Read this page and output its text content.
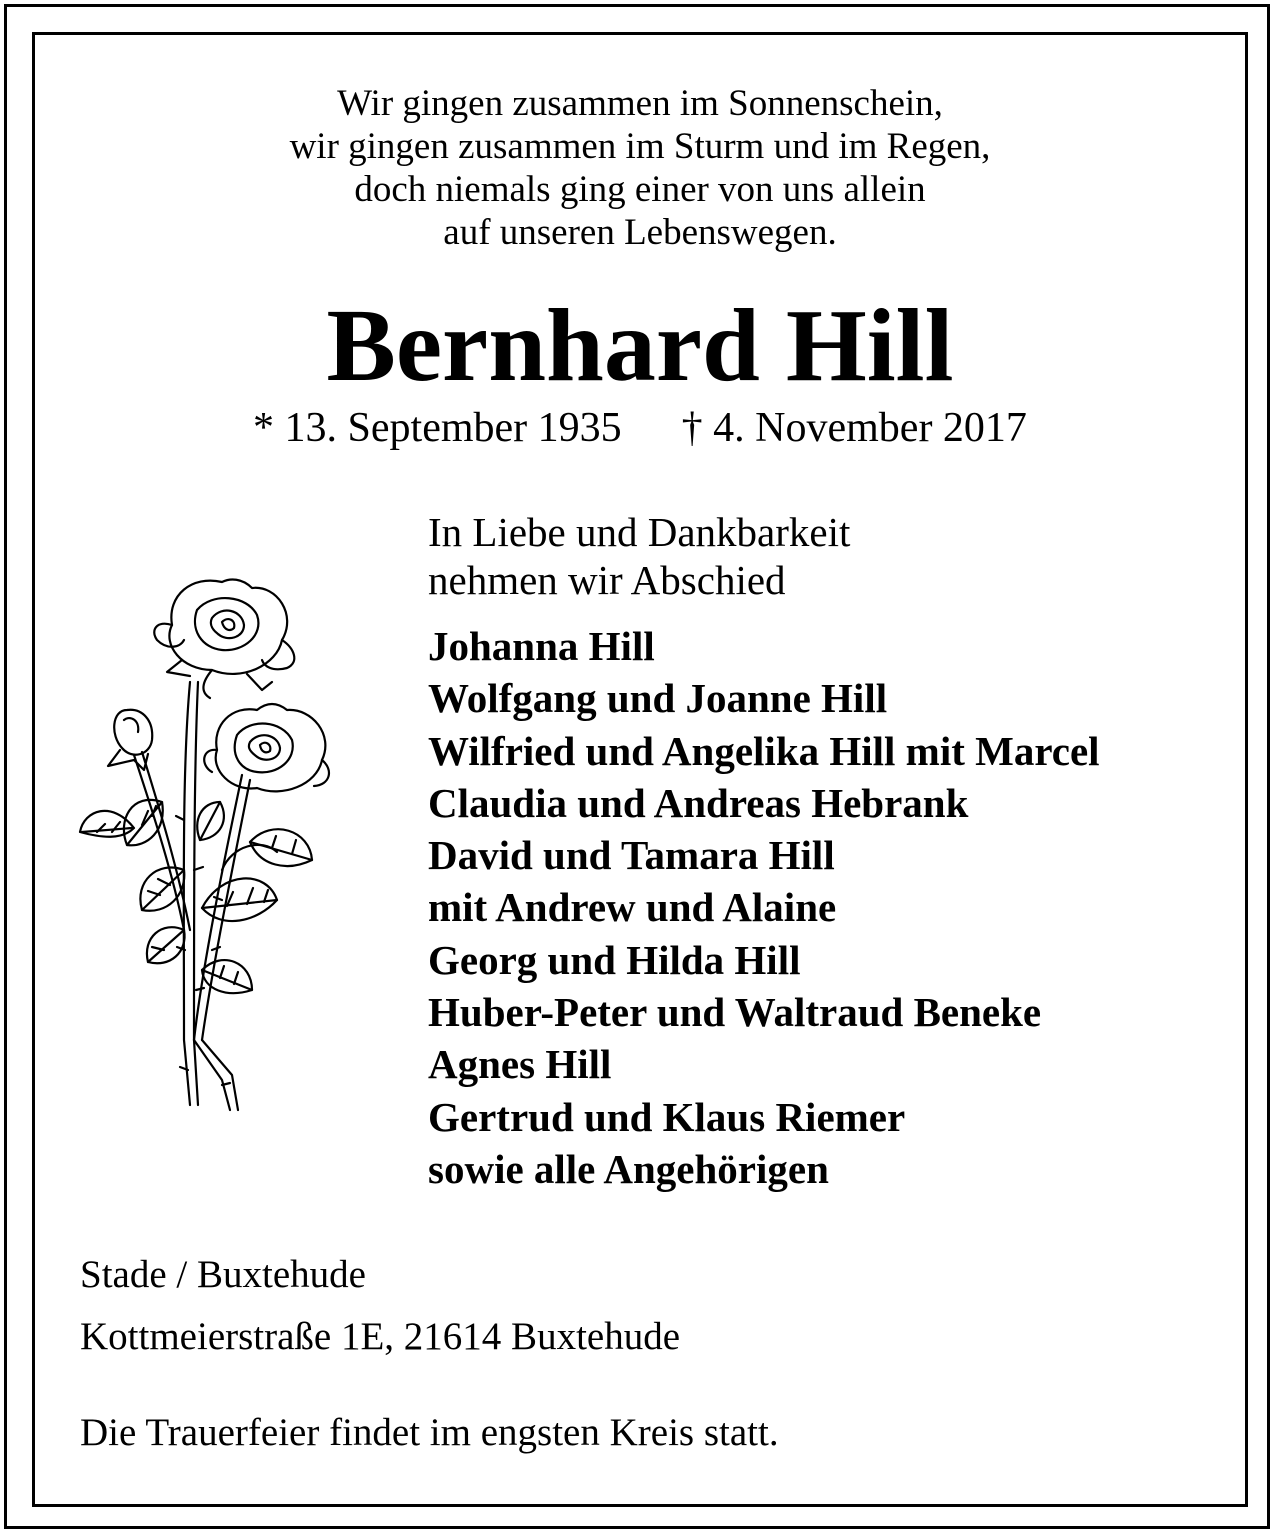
Wir gingen zusammen im Sonnenschein,
wir gingen zusammen im Sturm und im Regen,
doch niemals ging einer von uns allein
auf unseren Lebenswegen.
Bernhard Hill
* 13. September 1935 † 4. November 2017
In Liebe und Dankbarkeit
nehmen wir Abschied
Johanna Hill
Wolfgang und Joanne Hill
Wilfried und Angelika Hill mit Marcel
Claudia und Andreas Hebrank
David und Tamara Hill
mit Andrew und Alaine
Georg und Hilda Hill
Huber-Peter und Waltraud Beneke
Agnes Hill
Gertrud und Klaus Riemer
sowie alle Angehörigen
Stade / Buxtehude
Kottmeierstraße 1E, 21614 Buxtehude
Die Trauerfeier findet im engsten Kreis statt.
